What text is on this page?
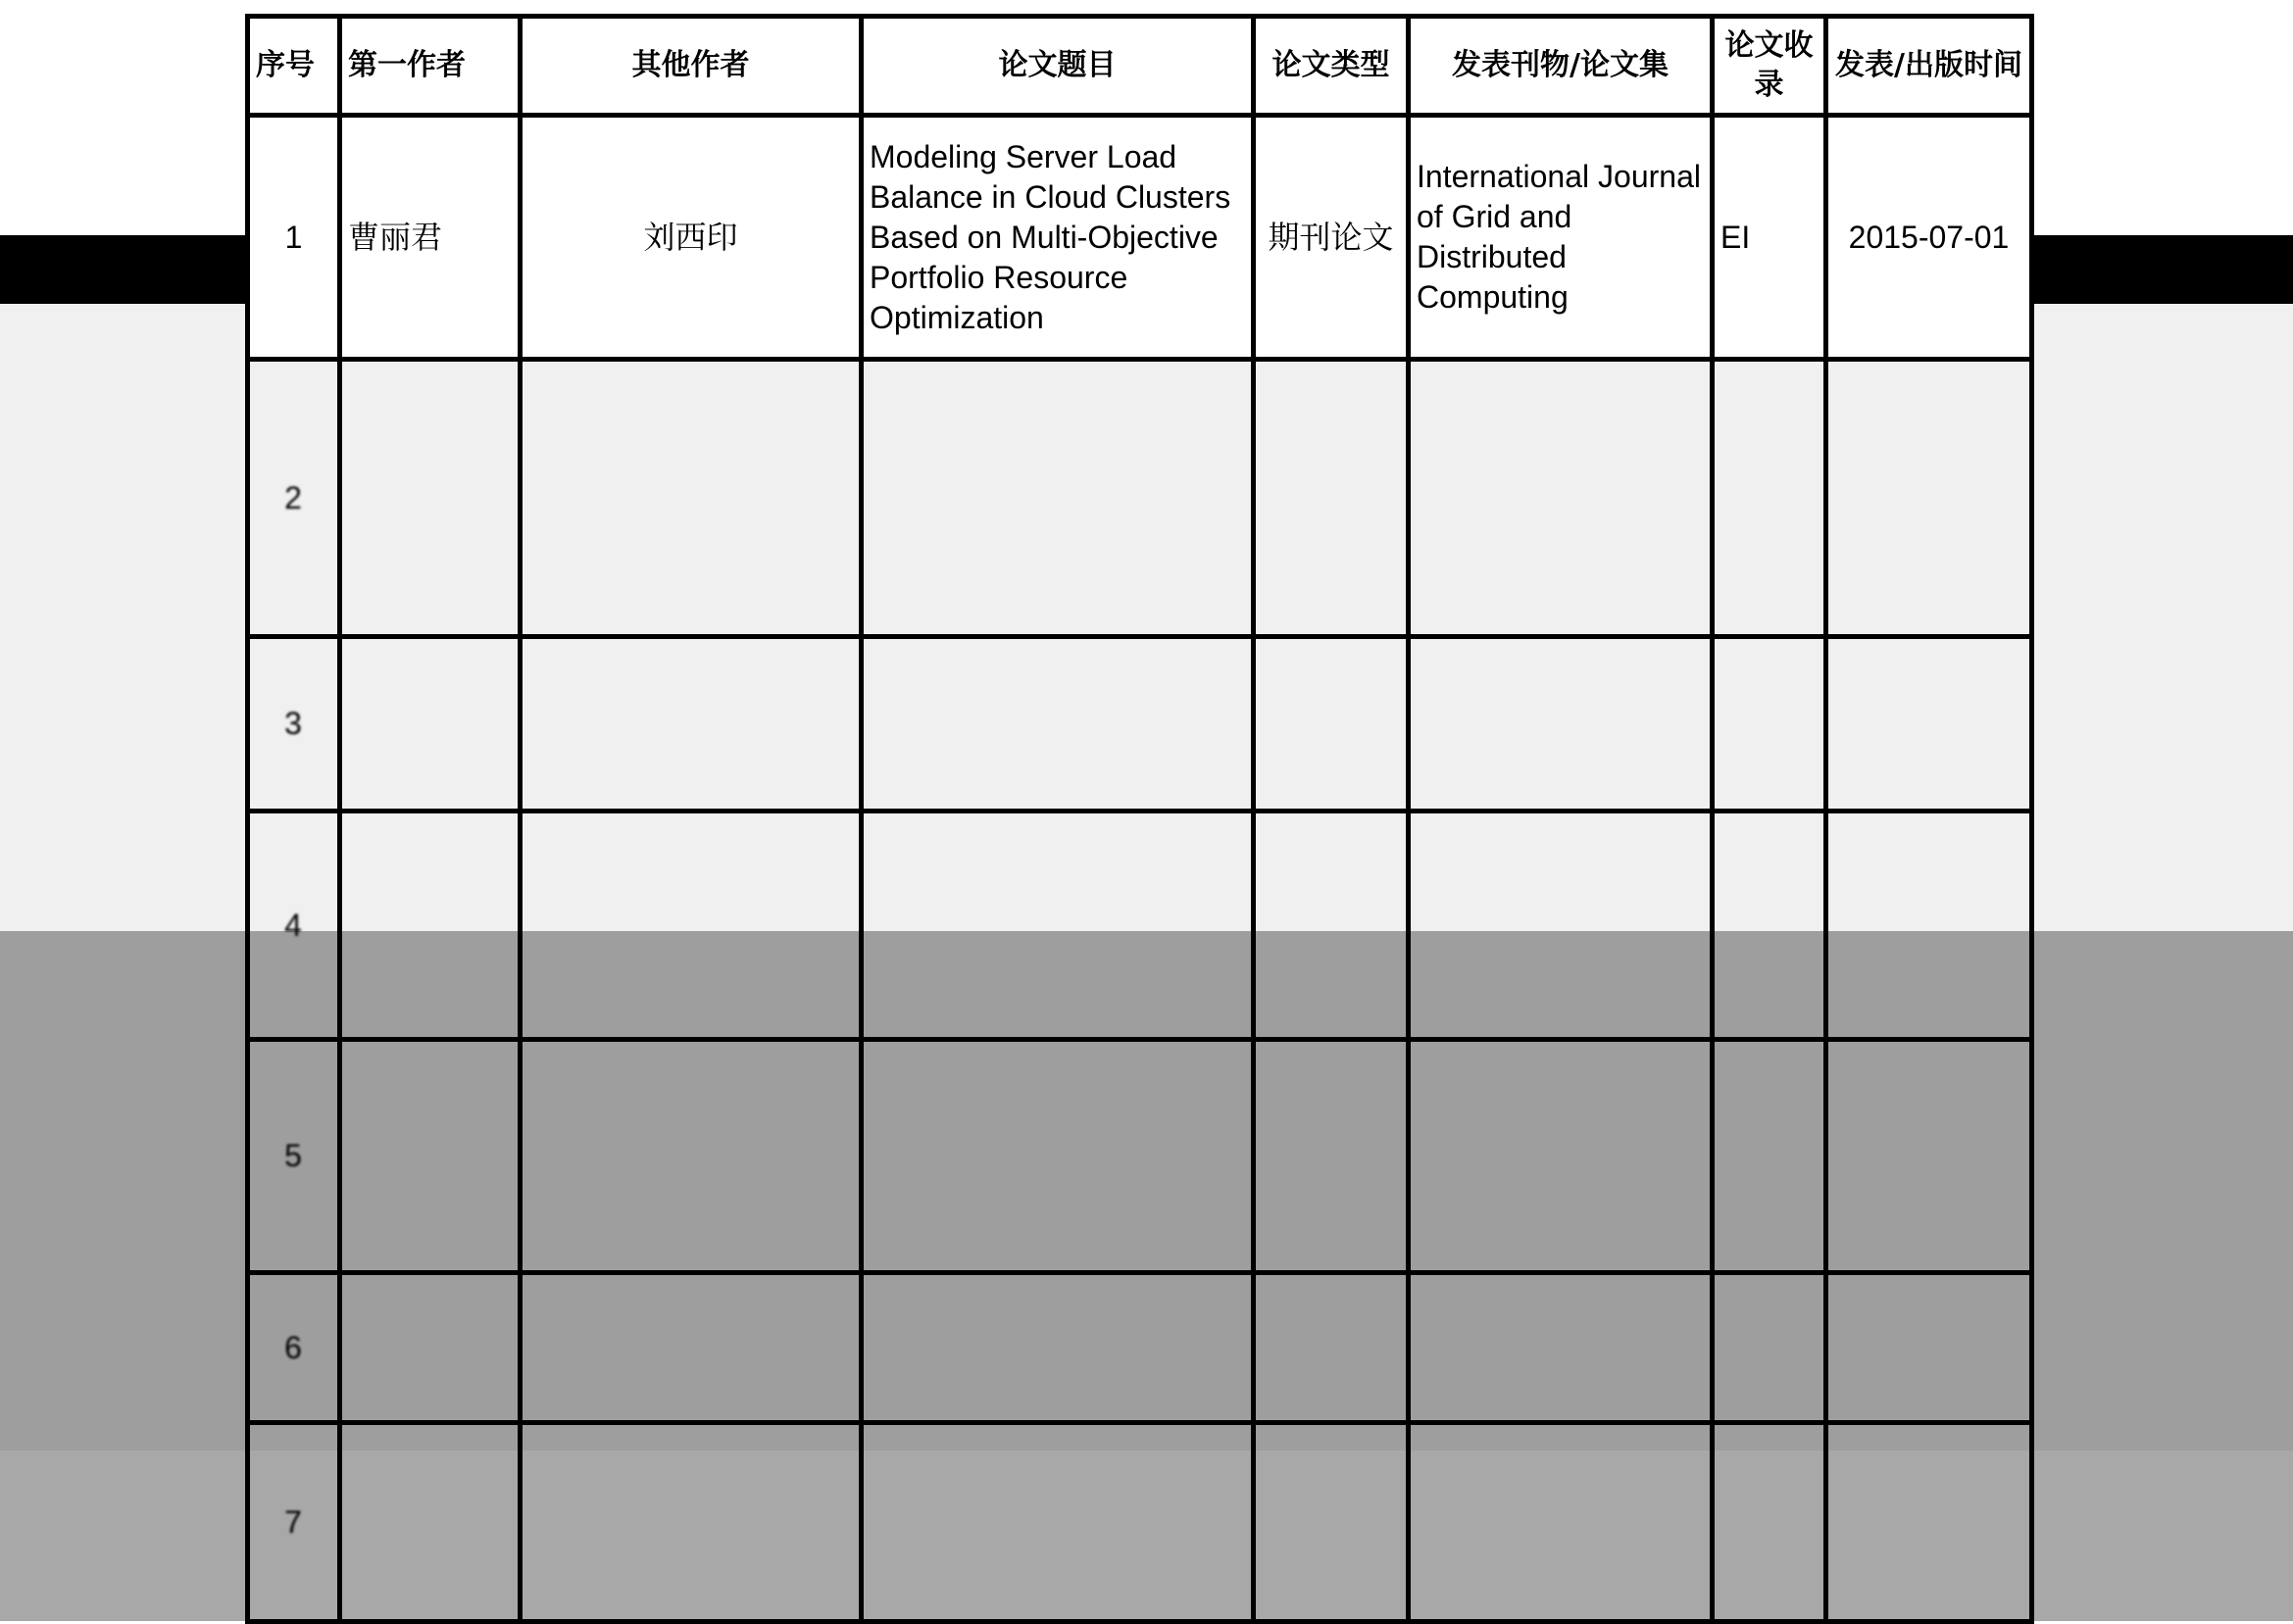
序号	第一作者	其他作者	论文题目	论文类型	发表刊物/论文集	论文收录	发表/出版时间
1	曹丽君	刘西印	Modeling Server Load Balance in Cloud Clusters Based on Multi-Objective Portfolio Resource Optimization	期刊论文	International Journal of Grid and Distributed Computing	EI	2015-07-01
2							
3							
4							
5							
6							
7							
